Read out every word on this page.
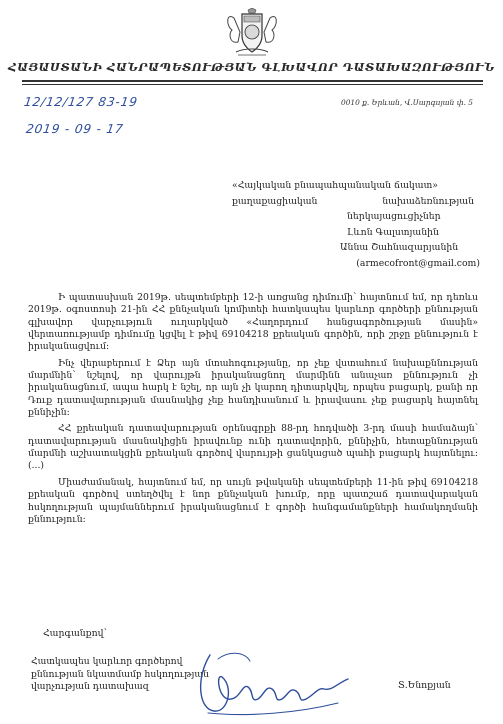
ՀԱՅԱՍՏԱՆԻ ՀԱՆՐԱՊԵՏՈՒԹՅԱՆ ԳԼԽԱՎՈՐ ԴԱՏԱԽԱԶՈՒԹՅՈՒՆ
12/12/127 83-19
2019 - 09 - 17
0010 ք. Երևան, Վ.Սարգսյան փ. 5
«Հայկական բնապահպանական ճակատ»
քաղաքացիական	նախաձեռնության
ներկայացուցիչներ
Լևոն Գալստյանին
Աննա Շահնազարյանին
(armecofront@gmail.com)

Ի պատասխան 2019թ. սեպտեմբերի 12-ի առցանց դիմումի՝ հայտնում եմ, որ դեռևս 2019թ. օգոստոսի 21-ին ՀՀ քննչական կոմիտեի հատկապես կարևոր գործերի քննության գլխավոր վարչություն ուղարկված «Հաղորդում հանցագործության մասին» վերտառությամբ դիմումը կցվել է թիվ 69104218 քրեական գործին, որի շրջը քննություն է իրականացվում:

Ինչ վերաբերում է Ձեր այն մտահոգությանը, որ չեք վստահում նախաքննության մարմնին՝ նշելով, որ վարույթն իրականացնող մարմինն անաչառ քննություն չի իրականացնում, ապա հարկ է նշել, որ այն չի կարող դիտարկվել, որպես բացարկ, քանի որ Դուք դատավարության մասնակից չեք հանդիսանում և իրավասու չեք բացարկ հայտնել քննիչին:

ՀՀ քրեական դատավարության օրենսգրքի 88-րդ հոդվածի 3-րդ մասի համաձայն՝ դատավարության մասնակիցին իրավունք ունի դատավորին, քննիչին, հետաքննության մարմնի աշխատակցին քրեական գործով վարույթի ցանկացած պահի բացարկ հայտնելու: (...)

Միաժամանակ, հայտնում եմ, որ սույն թվականի սեպտեմբերի 11-ին թիվ 69104218 քրեական գործով ստեղծվել է նոր քննչական խումբ, որը պատշաճ դատավարական հսկողության պայմաններում իրականացնում է գործի հանգամանքների համակողմանի քննություն:

Հարգանքով՝
Հատկապես կարևոր գործերով
քննության նկատմամբ հսկողության
վարչության դատախազ	Տ.Ենոքյան
